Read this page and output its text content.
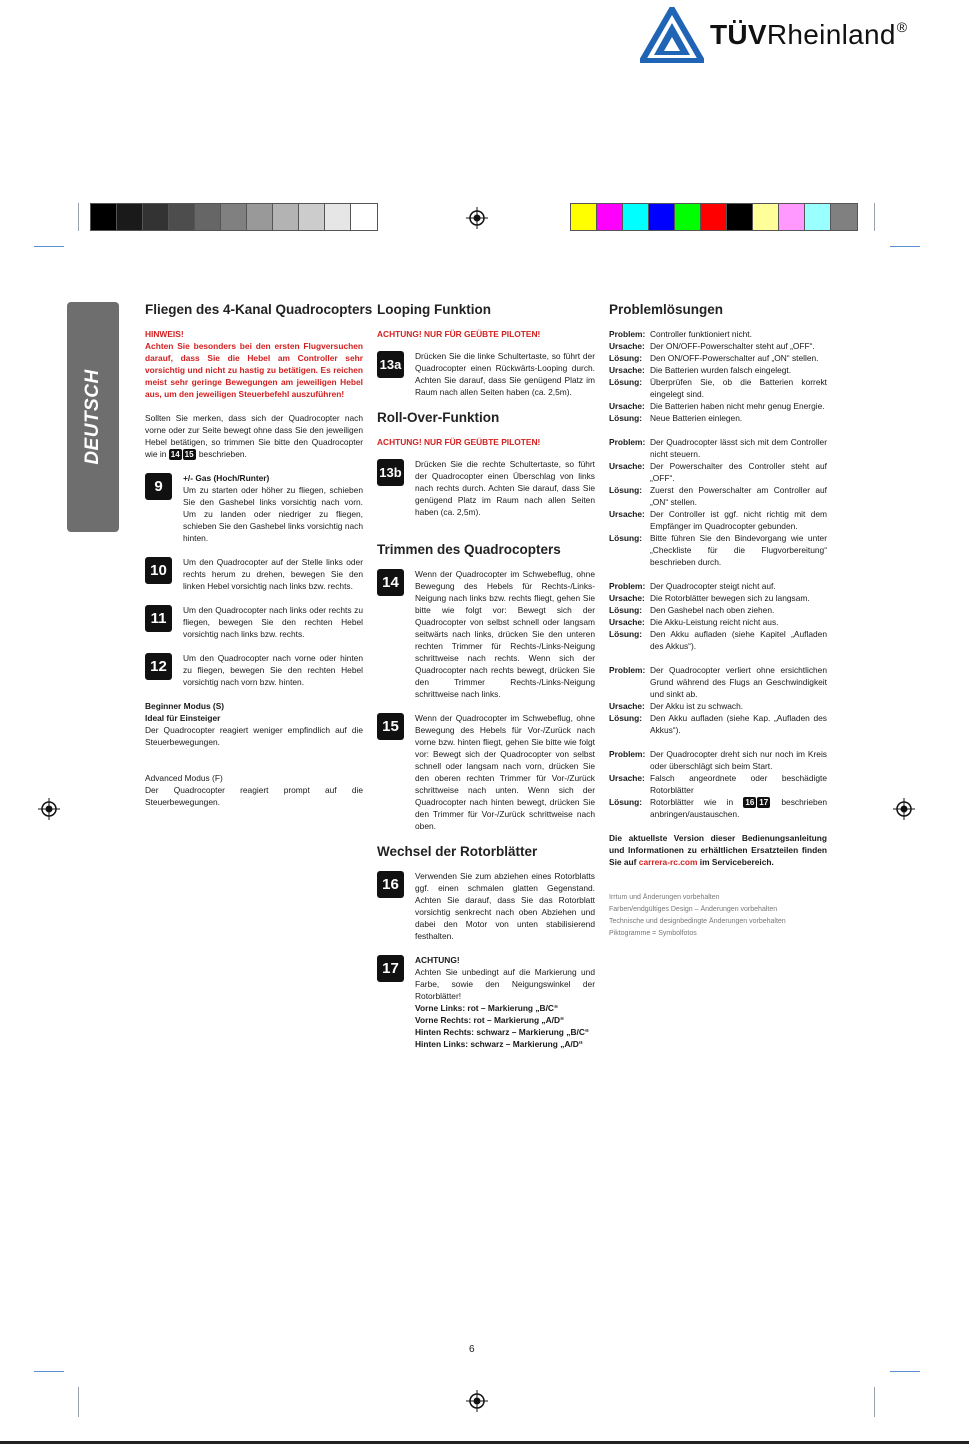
TÜVRheinland®
DEUTSCH
Fliegen des 4-Kanal Quadrocopters
HINWEIS!

Achten Sie besonders bei den ersten Flugversuchen darauf, dass Sie die Hebel am Controller sehr vorsichtig und nicht zu hastig zu betätigen. Es reichen meist sehr geringe Bewegungen am jeweiligen Hebel aus, um den jeweiligen Steuerbefehl auszuführen!

Sollten Sie merken, dass sich der Quadrocopter nach vorne oder zur Seite bewegt ohne dass Sie den jeweiligen Hebel betätigen, so trimmen Sie bitte den Quadrocopter wie in 14 15 beschrieben.

9	+/- Gas (Hoch/Runter)
Um zu starten oder höher zu fliegen, schieben Sie den Gashebel links vorsichtig nach vorn. Um zu landen oder niedriger zu fliegen, schieben Sie den Gashebel links vorsichtig nach hinten.
10	Um den Quadrocopter auf der Stelle links oder rechts herum zu drehen, bewegen Sie den linken Hebel vorsichtig nach links bzw. rechts.
11	Um den Quadrocopter nach links oder rechts zu fliegen, bewegen Sie den rechten Hebel vorsichtig nach links bzw. rechts.
12	Um den Quadrocopter nach vorne oder hinten zu fliegen, bewegen Sie den rechten Hebel vorsichtig nach vorn bzw. hinten.
Beginner Modus (S)
Ideal für Einsteiger

Der Quadrocopter reagiert weniger empfindlich auf die Steuerbewegungen.

Advanced Modus (F)

Der Quadrocopter reagiert prompt auf die Steuerbewegungen.

Looping Funktion
ACHTUNG! NUR FÜR GEÜBTE PILOTEN!
13a
Drücken Sie die linke Schultertaste, so führt der Quadrocopter einen Rückwärts-Looping durch. Achten Sie darauf, dass Sie genügend Platz im Raum nach allen Seiten haben (ca. 2,5m).
Roll-Over-Funktion
ACHTUNG! NUR FÜR GEÜBTE PILOTEN!
13b
Drücken Sie die rechte Schultertaste, so führt der Quadrocopter einen Überschlag von links nach rechts durch. Achten Sie darauf, dass Sie genügend Platz im Raum nach allen Seiten haben (ca. 2,5m).
Trimmen des Quadrocopters
14	Wenn der Quadrocopter im Schwebeflug, ohne Bewegung des Hebels für Rechts-/Links-Neigung nach links bzw. rechts fliegt, gehen Sie bitte wie folgt vor: Bewegt sich der Quadrocopter von selbst schnell oder langsam seitwärts nach links, drücken Sie den unteren rechten Trimmer für Rechts-/Links-Neigung schrittweise nach rechts. Wenn sich der Quadrocopter nach rechts bewegt, drücken Sie den Trimmer Rechts-/Links-Neigung schrittweise nach links.
15	Wenn der Quadrocopter im Schwebeflug, ohne Bewegung des Hebels für Vor-/Zurück nach vorne bzw. hinten fliegt, gehen Sie bitte wie folgt vor: Bewegt sich der Quadrocopter von selbst schnell oder langsam nach vorn, drücken Sie den oberen rechten Trimmer für Vor-/Zurück schrittweise nach unten. Wenn sich der Quadrocopter nach hinten bewegt, drücken Sie den Trimmer für Vor-/Zurück schrittweise nach oben.
Wechsel der Rotorblätter
16	Verwenden Sie zum abziehen eines Rotorblatts ggf. einen schmalen glatten Gegenstand. Achten Sie darauf, dass Sie das Rotorblatt vorsichtig senkrecht nach oben Abziehen und dabei den Motor von unten stabilisierend festhalten.
17	ACHTUNG!
Achten Sie unbedingt auf die Markierung und Farbe, sowie den Neigungswinkel der Rotorblätter!
Vorne Links: rot – Markierung „B/C“
Vorne Rechts: rot – Markierung „A/D“
Hinten Rechts: schwarz – Markierung „B/C“
Hinten Links: schwarz – Markierung „A/D“
Problemlösungen
Problem:	Controller funktioniert nicht.
Ursache:	Der ON/OFF-Powerschalter steht auf „OFF“.
Lösung:	Den ON/OFF-Powerschalter auf „ON“ stellen.
Ursache:	Die Batterien wurden falsch eingelegt.
Lösung:	Überprüfen Sie, ob die Batterien korrekt eingelegt sind.
Ursache:	Die Batterien haben nicht mehr genug Energie.
Lösung:	Neue Batterien einlegen.
Problem:	Der Quadrocopter lässt sich mit dem Controller nicht steuern.
Ursache:	Der Powerschalter des Controller steht auf „OFF“.
Lösung:	Zuerst den Powerschalter am Controller auf „ON“ stellen.
Ursache:	Der Controller ist ggf. nicht richtig mit dem Empfänger im Quadrocopter gebunden.
Lösung:	Bitte führen Sie den Bindevorgang wie unter „Checkliste für die Flugvorbereitung“ beschrieben durch.
Problem:	Der Quadrocopter steigt nicht auf.
Ursache:	Die Rotorblätter bewegen sich zu langsam.
Lösung:	Den Gashebel nach oben ziehen.
Ursache:	Die Akku-Leistung reicht nicht aus.
Lösung:	Den Akku aufladen (siehe Kapitel „Aufladen des Akkus“).
Problem:	Der Quadrocopter verliert ohne ersichtlichen Grund während des Flugs an Geschwindigkeit und sinkt ab.
Ursache:	Der Akku ist zu schwach.
Lösung:	Den Akku aufladen (siehe Kap. „Aufladen des Akkus“).
Problem:	Der Quadrocopter dreht sich nur noch im Kreis oder überschlägt sich beim Start.
Ursache:	Falsch angeordnete oder beschädigte Rotorblätter
Lösung:	Rotorblätter wie in 16 17 beschrieben anbringen/austauschen.

Die aktuellste Version dieser Bedienungsanleitung und Informationen zu erhältlichen Ersatzteilen finden Sie auf carrera-rc.com im Servicebereich.

Irrtum und Änderungen vorbehalten
Farben/endgültiges Design – Änderungen vorbehalten
Technische und designbedingte Änderungen vorbehalten
Piktogramme = Symbolfotos
6
